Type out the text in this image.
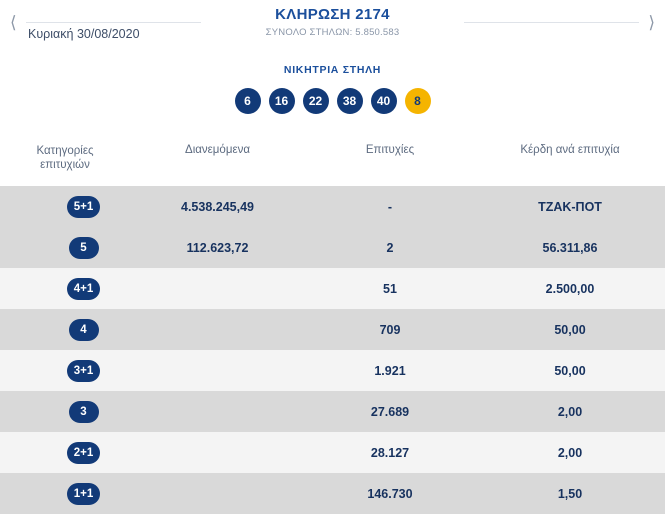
⟨	⟩
ΚΛΗΡΩΣΗ 2174
ΣΥΝΟΛΟ ΣΤΗΛΩΝ: 5.850.583
Κυριακή 30/08/2020
ΝΙΚΗΤΡΙΑ ΣΤΗΛΗ
6	16	22	38	40	8
Κατηγορίες
επιτυχιών	Διανεμόμενα	Επιτυχίες	Κέρδη ανά επιτυχία
5+1	4.538.245,49	-	ΤΖΑΚ-ΠΟΤ
5	112.623,72	2	56.311,86
4+1		51	2.500,00
4		709	50,00
3+1		1.921	50,00
3		27.689	2,00
2+1		28.127	2,00
1+1		146.730	1,50
